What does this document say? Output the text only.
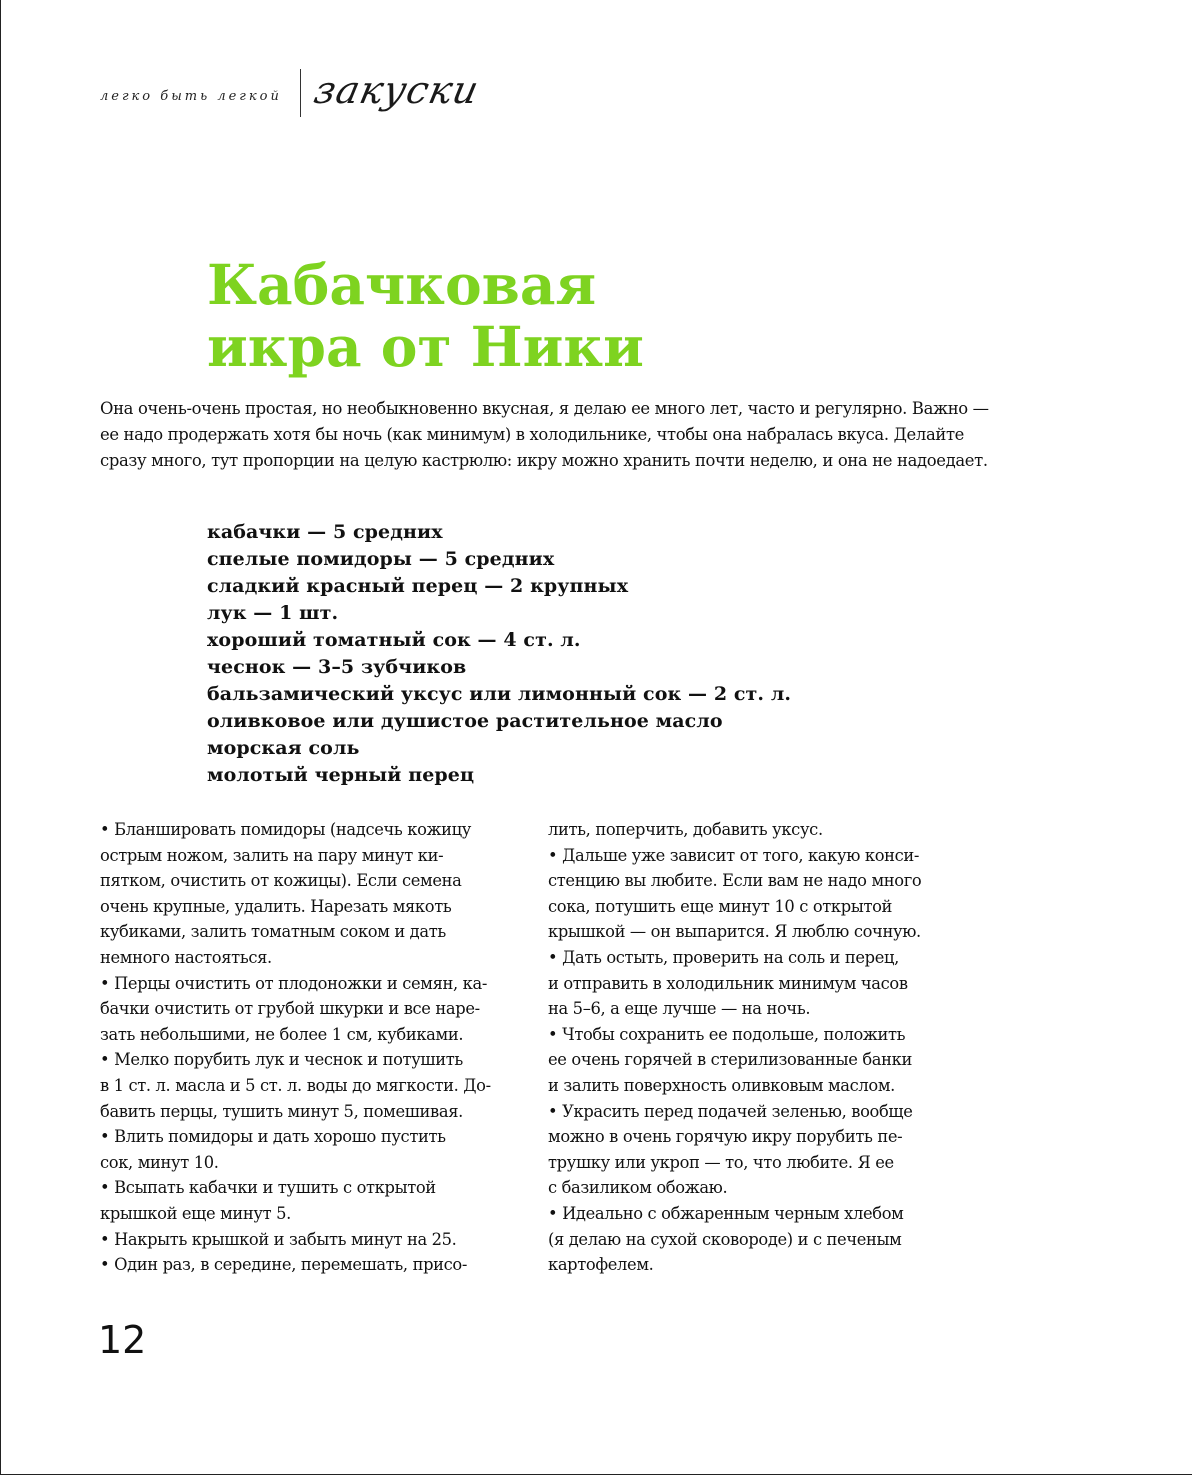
легко быть легкой закуски
Кабачковая
икра от Ники

Она очень-очень простая, но необыкновенно вкусная, я делаю ее много лет, часто и регулярно. Важно — ее надо продержать хотя бы ночь (как минимум) в холодильнике, чтобы она набралась вкуса. Делайте сразу много, тут пропорции на целую кастрюлю: икру можно хранить почти неделю, и она не надоедает.

кабачки — 5 средних
спелые помидоры — 5 средних
сладкий красный перец — 2 крупных
лук — 1 шт.
хороший томатный сок — 4 ст. л.
чеснок — 3–5 зубчиков
бальзамический уксус или лимонный сок — 2 ст. л.
оливковое или душистое растительное масло
морская соль
молотый черный перец

• Бланшировать помидоры (надсечь кожицу

острым ножом, залить на пару минут ки-

пятком, очистить от кожицы). Если семена

очень крупные, удалить. Нарезать мякоть

кубиками, залить томатным соком и дать

немного настояться.

• Перцы очистить от плодоножки и семян, ка-

бачки очистить от грубой шкурки и все наре-

зать небольшими, не более 1 см, кубиками.

• Мелко порубить лук и чеснок и потушить

в 1 ст. л. масла и 5 ст. л. воды до мягкости. До-

бавить перцы, тушить минут 5, помешивая.

• Влить помидоры и дать хорошо пустить

сок, минут 10.

• Всыпать кабачки и тушить с открытой

крышкой еще минут 5.

• Накрыть крышкой и забыть минут на 25.

• Один раз, в середине, перемешать, присо-

лить, поперчить, добавить уксус.

• Дальше уже зависит от того, какую конси-

стенцию вы любите. Если вам не надо много

сока, потушить еще минут 10 с открытой

крышкой — он выпарится. Я люблю сочную.

• Дать остыть, проверить на соль и перец,

и отправить в холодильник минимум часов

на 5–6, а еще лучше — на ночь.

• Чтобы сохранить ее подольше, положить

ее очень горячей в стерилизованные банки

и залить поверхность оливковым маслом.

• Украсить перед подачей зеленью, вообще

можно в очень горячую икру порубить пе-

трушку или укроп — то, что любите. Я ее

с базиликом обожаю.

• Идеально с обжаренным черным хлебом

(я делаю на сухой сковороде) и с печеным

картофелем.

12
